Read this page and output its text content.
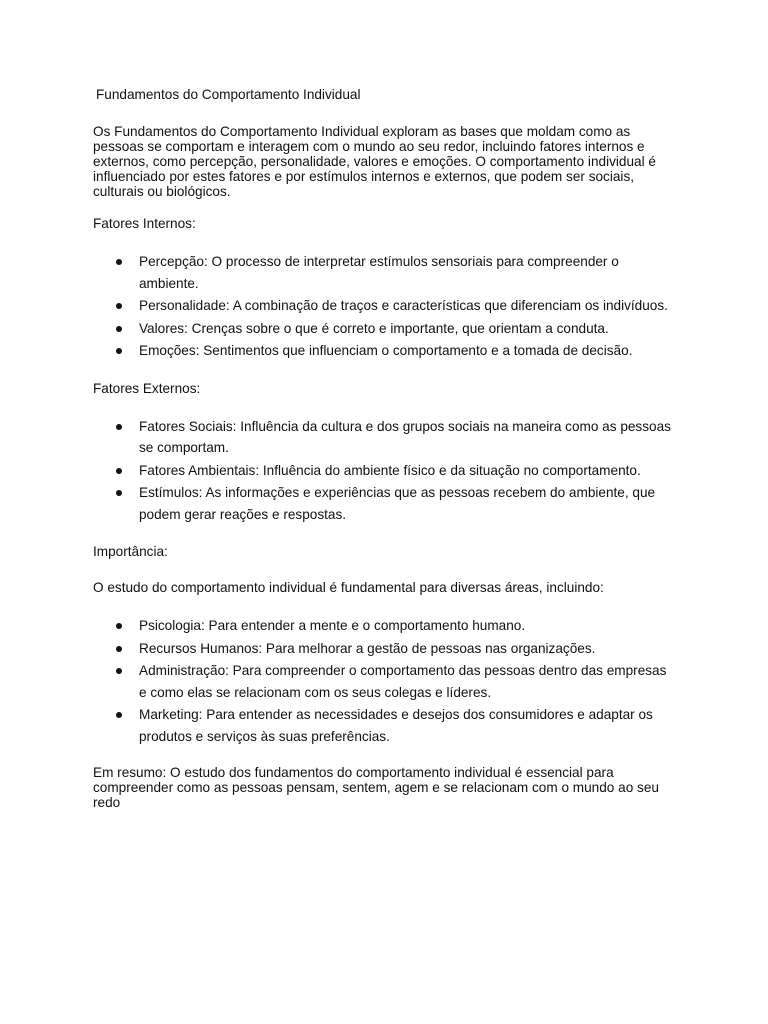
Fundamentos do Comportamento Individual

Os Fundamentos do Comportamento Individual exploram as bases que moldam como as pessoas se comportam e interagem com o mundo ao seu redor, incluindo fatores internos e externos, como percepção, personalidade, valores e emoções. O comportamento individual é influenciado por estes fatores e por estímulos internos e externos, que podem ser sociais, culturais ou biológicos.

Fatores Internos:

Percepção: O processo de interpretar estímulos sensoriais para compreender o ambiente.
Personalidade: A combinação de traços e características que diferenciam os indivíduos.
Valores: Crenças sobre o que é correto e importante, que orientam a conduta.
Emoções: Sentimentos que influenciam o comportamento e a tomada de decisão.

Fatores Externos:

Fatores Sociais: Influência da cultura e dos grupos sociais na maneira como as pessoas se comportam.
Fatores Ambientais: Influência do ambiente físico e da situação no comportamento.
Estímulos: As informações e experiências que as pessoas recebem do ambiente, que podem gerar reações e respostas.

Importância:

O estudo do comportamento individual é fundamental para diversas áreas, incluindo:

Psicologia: Para entender a mente e o comportamento humano.
Recursos Humanos: Para melhorar a gestão de pessoas nas organizações.
Administração: Para compreender o comportamento das pessoas dentro das empresas e como elas se relacionam com os seus colegas e líderes.
Marketing: Para entender as necessidades e desejos dos consumidores e adaptar os produtos e serviços às suas preferências.

Em resumo: O estudo dos fundamentos do comportamento individual é essencial para compreender como as pessoas pensam, sentem, agem e se relacionam com o mundo ao seu redo
